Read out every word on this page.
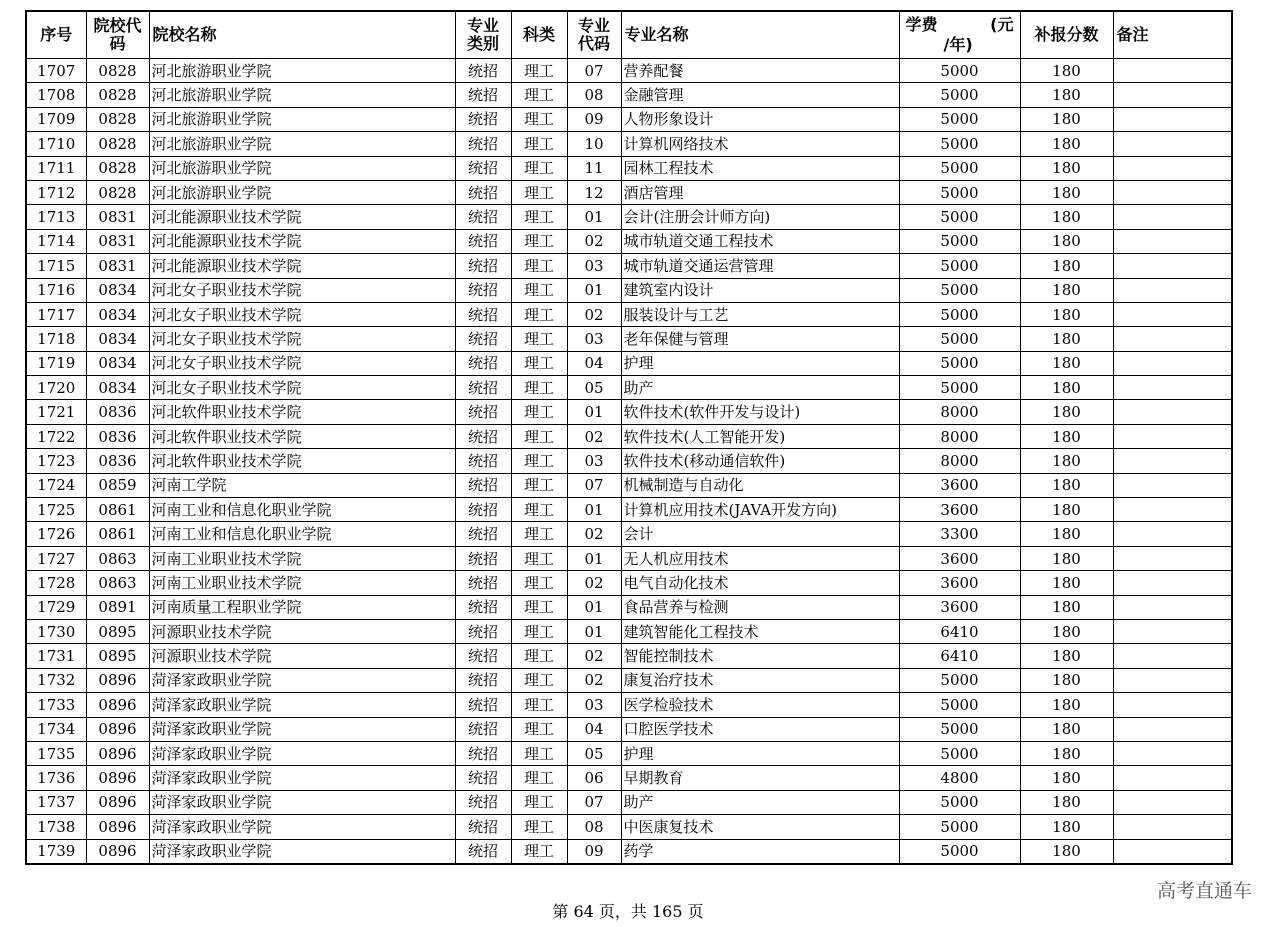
序号	院校代码	院校名称	专业类别	科类	专业代码	专业名称	学费 (元
/年)	补报分数	备注
1707	0828	河北旅游职业学院	统招	理工	07	营养配餐	5000	180	
1708	0828	河北旅游职业学院	统招	理工	08	金融管理	5000	180	
1709	0828	河北旅游职业学院	统招	理工	09	人物形象设计	5000	180	
1710	0828	河北旅游职业学院	统招	理工	10	计算机网络技术	5000	180	
1711	0828	河北旅游职业学院	统招	理工	11	园林工程技术	5000	180	
1712	0828	河北旅游职业学院	统招	理工	12	酒店管理	5000	180	
1713	0831	河北能源职业技术学院	统招	理工	01	会计(注册会计师方向)	5000	180	
1714	0831	河北能源职业技术学院	统招	理工	02	城市轨道交通工程技术	5000	180	
1715	0831	河北能源职业技术学院	统招	理工	03	城市轨道交通运营管理	5000	180	
1716	0834	河北女子职业技术学院	统招	理工	01	建筑室内设计	5000	180	
1717	0834	河北女子职业技术学院	统招	理工	02	服装设计与工艺	5000	180	
1718	0834	河北女子职业技术学院	统招	理工	03	老年保健与管理	5000	180	
1719	0834	河北女子职业技术学院	统招	理工	04	护理	5000	180	
1720	0834	河北女子职业技术学院	统招	理工	05	助产	5000	180	
1721	0836	河北软件职业技术学院	统招	理工	01	软件技术(软件开发与设计)	8000	180	
1722	0836	河北软件职业技术学院	统招	理工	02	软件技术(人工智能开发)	8000	180	
1723	0836	河北软件职业技术学院	统招	理工	03	软件技术(移动通信软件)	8000	180	
1724	0859	河南工学院	统招	理工	07	机械制造与自动化	3600	180	
1725	0861	河南工业和信息化职业学院	统招	理工	01	计算机应用技术(JAVA开发方向)	3600	180	
1726	0861	河南工业和信息化职业学院	统招	理工	02	会计	3300	180	
1727	0863	河南工业职业技术学院	统招	理工	01	无人机应用技术	3600	180	
1728	0863	河南工业职业技术学院	统招	理工	02	电气自动化技术	3600	180	
1729	0891	河南质量工程职业学院	统招	理工	01	食品营养与检测	3600	180	
1730	0895	河源职业技术学院	统招	理工	01	建筑智能化工程技术	6410	180	
1731	0895	河源职业技术学院	统招	理工	02	智能控制技术	6410	180	
1732	0896	菏泽家政职业学院	统招	理工	02	康复治疗技术	5000	180	
1733	0896	菏泽家政职业学院	统招	理工	03	医学检验技术	5000	180	
1734	0896	菏泽家政职业学院	统招	理工	04	口腔医学技术	5000	180	
1735	0896	菏泽家政职业学院	统招	理工	05	护理	5000	180	
1736	0896	菏泽家政职业学院	统招	理工	06	早期教育	4800	180	
1737	0896	菏泽家政职业学院	统招	理工	07	助产	5000	180	
1738	0896	菏泽家政职业学院	统招	理工	08	中医康复技术	5000	180	
1739	0896	菏泽家政职业学院	统招	理工	09	药学	5000	180	
第 64 页，共 165 页
高考直通车
